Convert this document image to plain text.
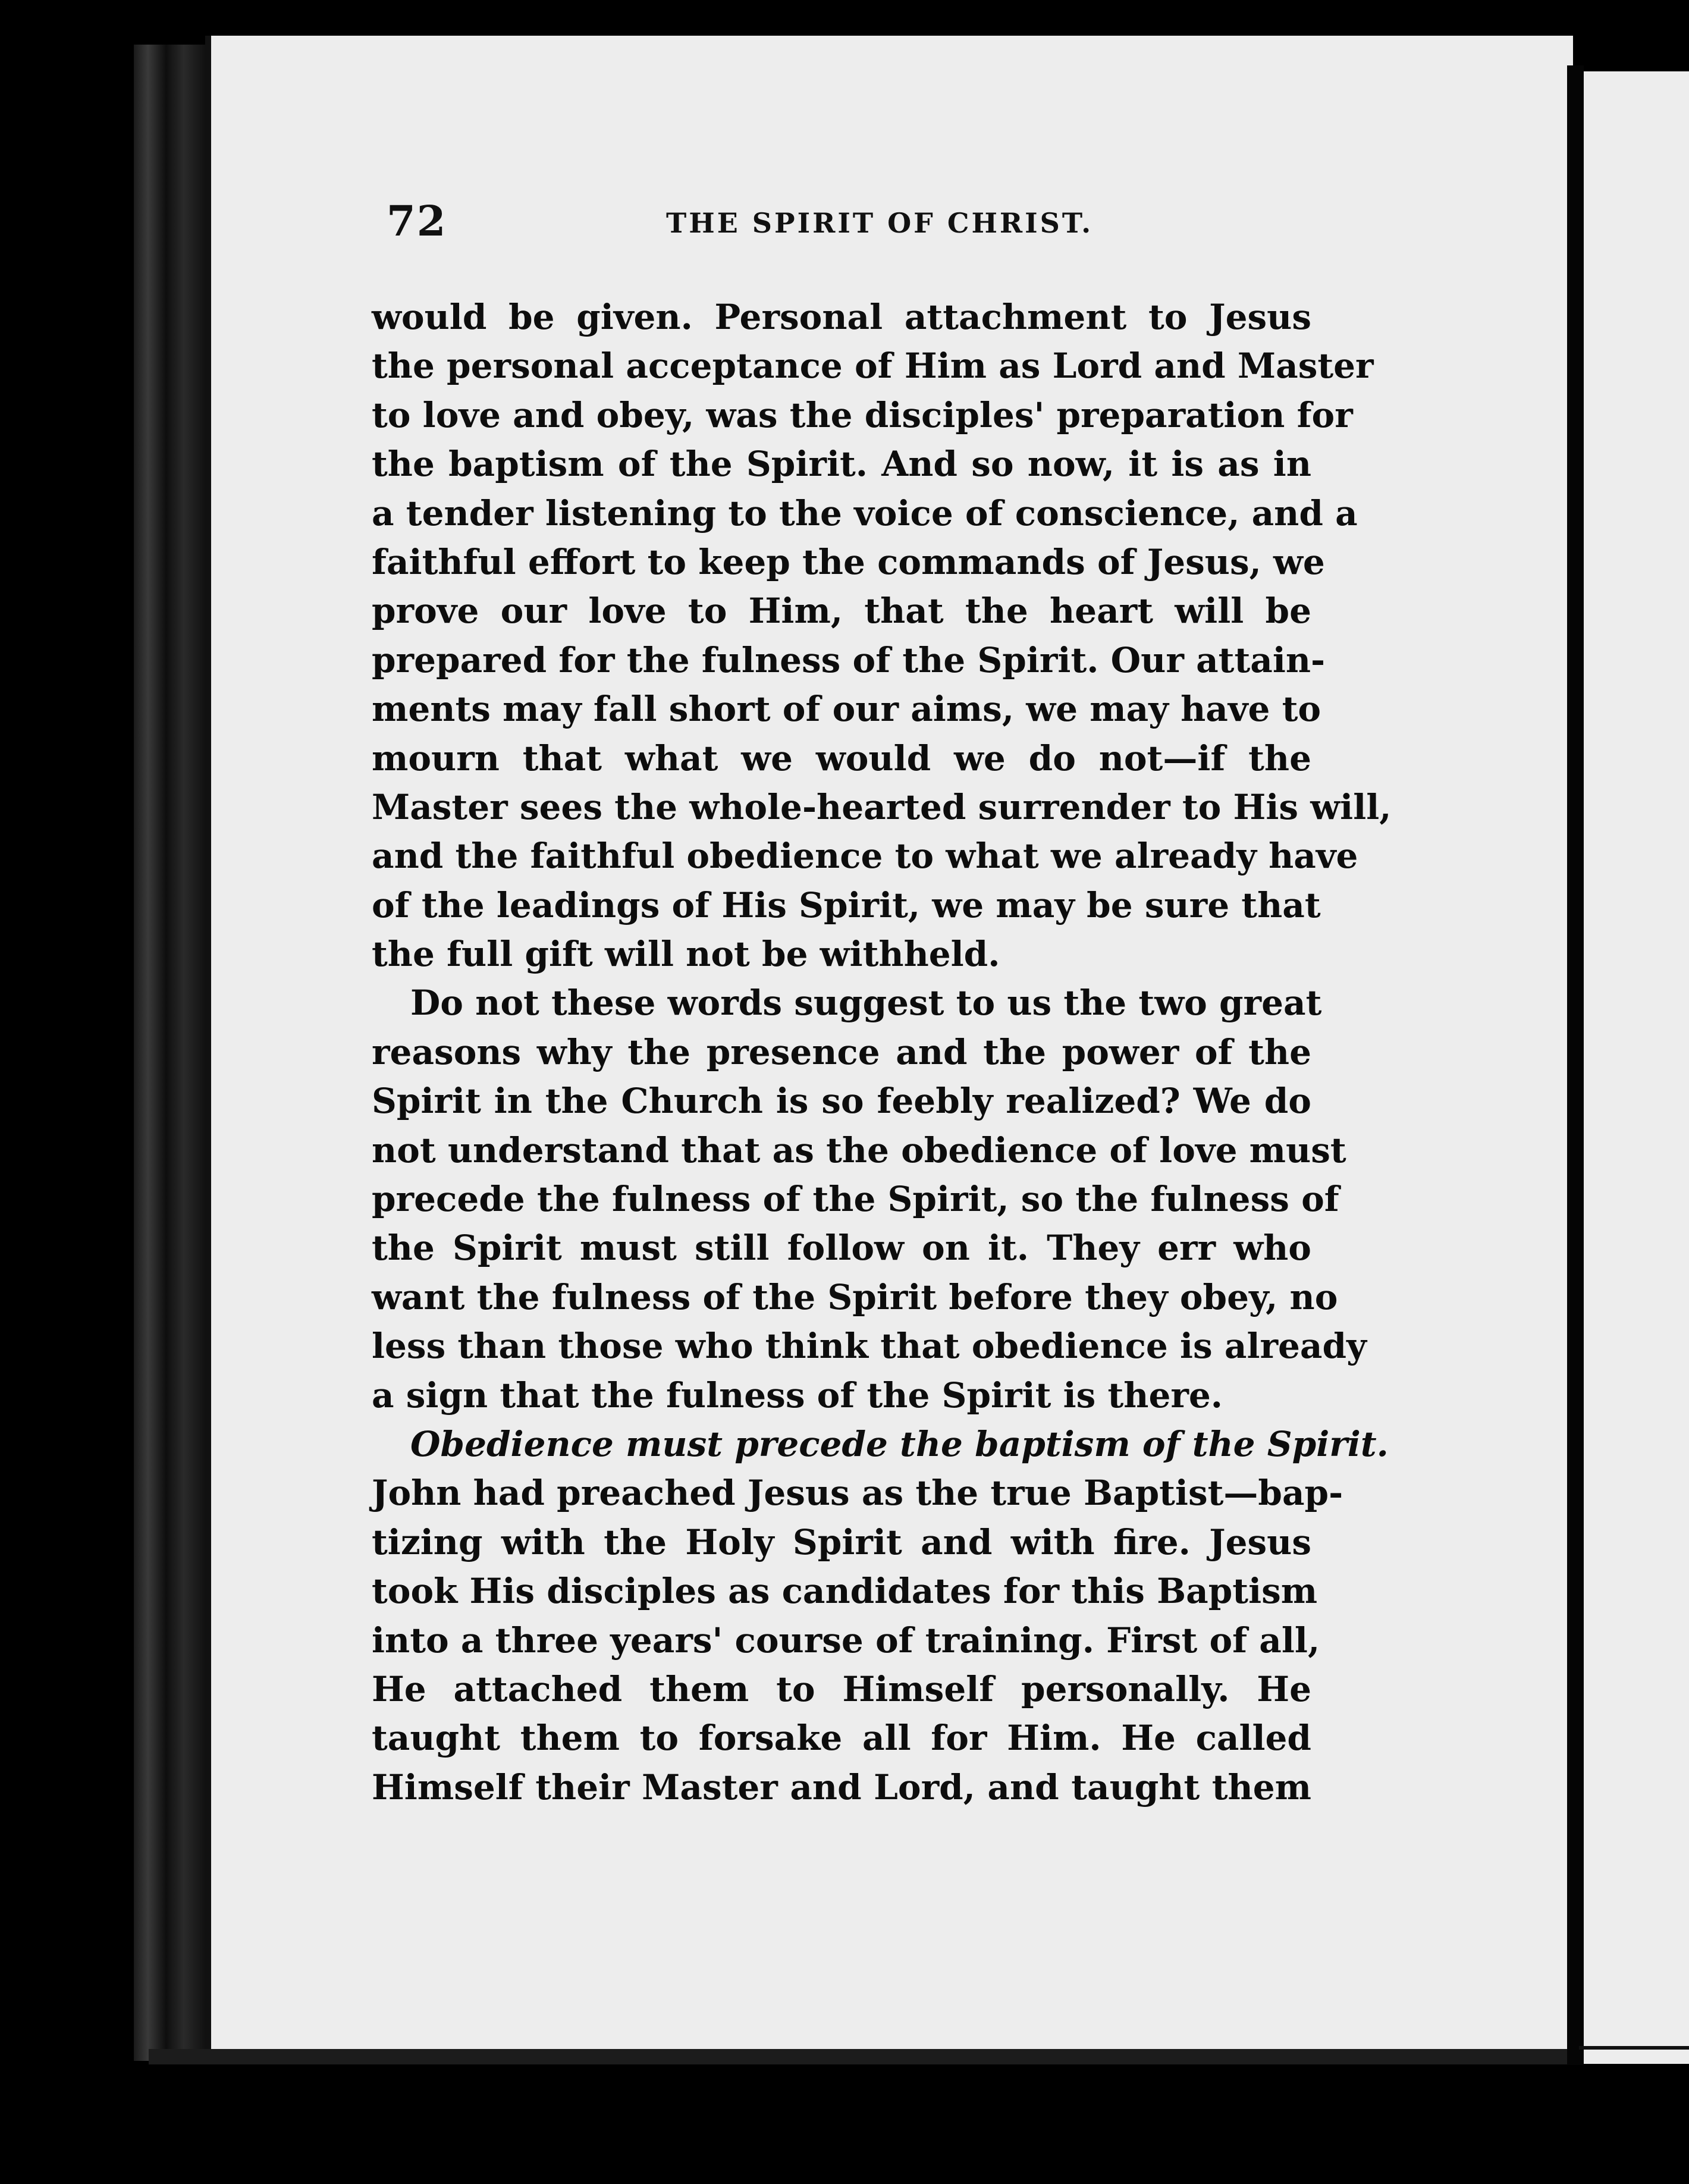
72	THE SPIRIT OF CHRIST.
would be given. Personal attachment to Jesus
the personal acceptance of Him as Lord and Master
to love and obey, was the disciples' preparation for
the baptism of the Spirit. And so now, it is as in
a tender listening to the voice of conscience, and a
faithful effort to keep the commands of Jesus, we
prove our love to Him, that the heart will be
prepared for the fulness of the Spirit. Our attain-
ments may fall short of our aims, we may have to
mourn that what we would we do not—if the
Master sees the whole-hearted surrender to His will,
and the faithful obedience to what we already have
of the leadings of His Spirit, we may be sure that
the full gift will not be withheld.
Do not these words suggest to us the two great
reasons why the presence and the power of the
Spirit in the Church is so feebly realized? We do
not understand that as the obedience of love must
precede the fulness of the Spirit, so the fulness of
the Spirit must still follow on it. They err who
want the fulness of the Spirit before they obey, no
less than those who think that obedience is already
a sign that the fulness of the Spirit is there.
Obedience must precede the baptism of the Spirit.
John had preached Jesus as the true Baptist—bap-
tizing with the Holy Spirit and with fire. Jesus
took His disciples as candidates for this Baptism
into a three years' course of training. First of all,
He attached them to Himself personally. He
taught them to forsake all for Him. He called
Himself their Master and Lord, and taught them
